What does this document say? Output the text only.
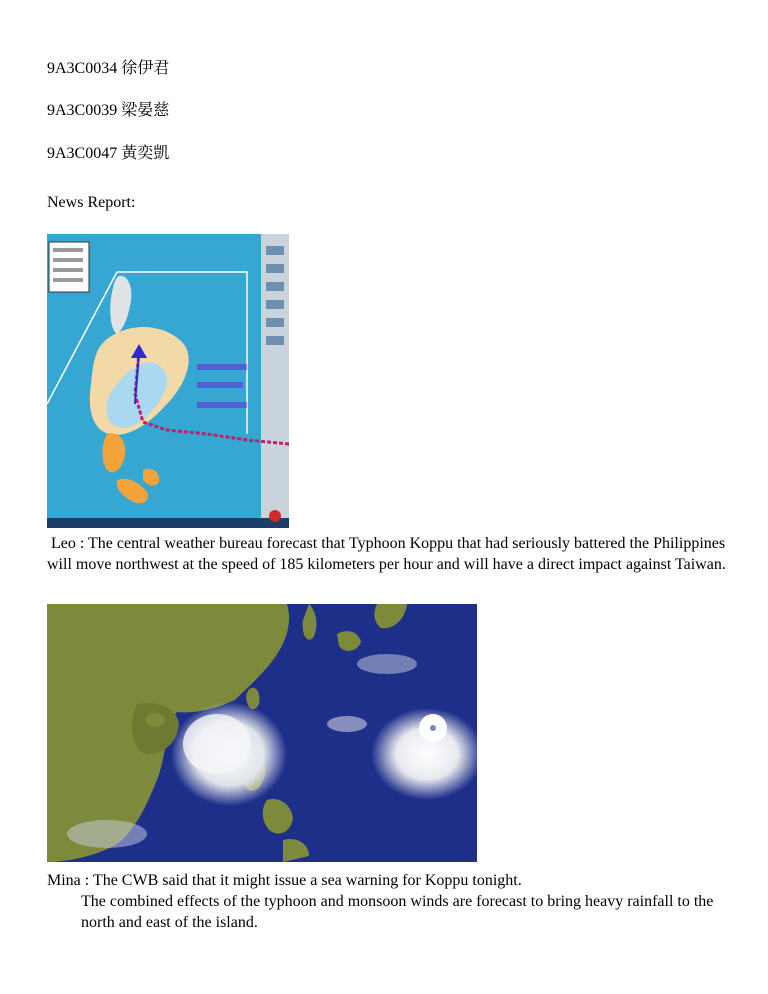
9A3C0034 徐伊君
9A3C0039 梁晏慈
9A3C0047 黃奕凱
News Report:
Leo : The central weather bureau forecast that Typhoon Koppu that had seriously battered the Philippines will move northwest at the speed of 185 kilometers per hour and will have a direct impact against Taiwan.
Mina : The CWB said that it might issue a sea warning for Koppu tonight.
The combined effects of the typhoon and monsoon winds are forecast to bring heavy rainfall to the north and east of the island.
